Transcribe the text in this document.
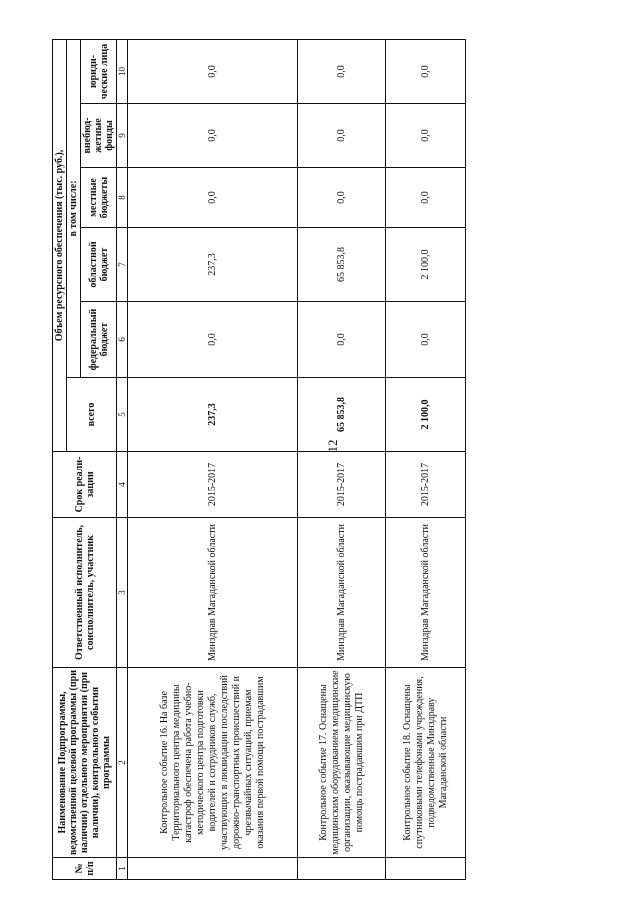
12
№ п/п	Наименование Подпрограммы, ведомственной целевой программы (при наличии) отдельного мероприятия (при наличии), контрольного события программы	Ответственный исполнитель, соисполнитель, участник	Срок реали-зации	Объем ресурсного обеспечения (тыс. руб.),					
				всего	в том числе:				
					федеральный бюджет	областной бюджет	местные бюджеты	внебюд-жетные фонды	юриди-ческие лица
1	2	3	4	5	6	7	8	9	10
	Контрольное событие 16. На базе Территориального центра медицины катастроф обеспечена работа учебно-методического центра подготовки водителей и сотрудников служб, участвующих в ликвидации последствий дорожно-транспортных происшествий и чрезвычайных ситуаций, приемам оказания первой помощи пострадавшим	Минздрав Магаданской области	2015-2017	237,3	0,0	237,3	0,0	0,0	0,0
	Контрольное событие 17. Оснащены медицинским оборудованием медицинские организации, оказывающие медицинскую помощь пострадавшим при ДТП	Минздрав Магаданской области	2015-2017	65 853,8	0,0	65 853,8	0,0	0,0	0,0
	Контрольное событие 18. Оснащены спутниковыми телефонами учреждения, подведомственные Минздраву Магаданской области	Минздрав Магаданской области	2015-2017	2 100,0	0,0	2 100,0	0,0	0,0	0,0
